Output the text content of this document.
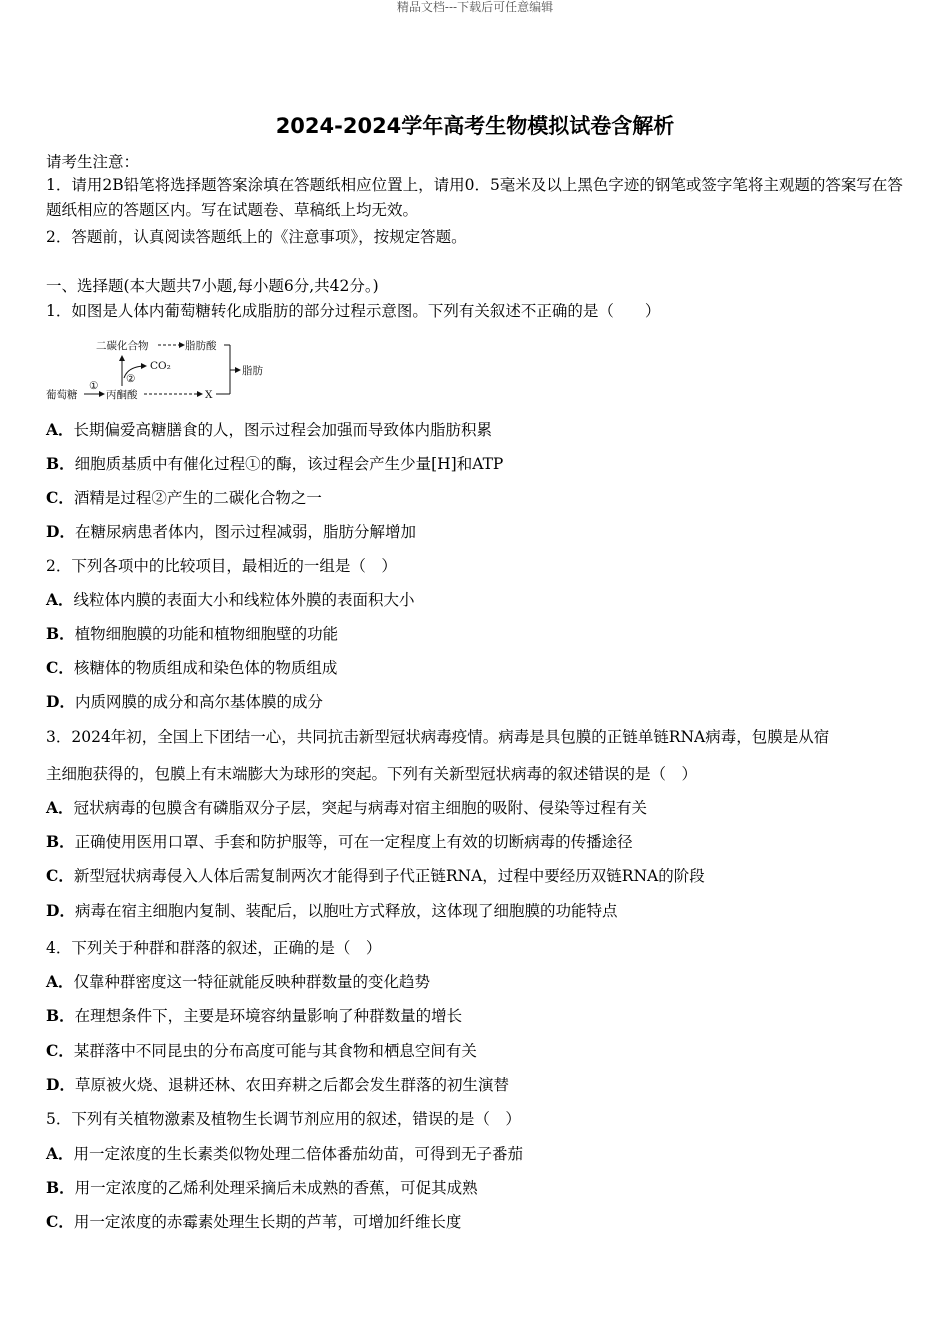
精品文档---下载后可任意编辑
2024-2024学年高考生物模拟试卷含解析
请考生注意：
1．请用2B铅笔将选择题答案涂填在答题纸相应位置上，请用0．5毫米及以上黑色字迹的钢笔或签字笔将主观题的答案写在答题纸相应的答题区内。写在试题卷、草稿纸上均无效。
2．答题前，认真阅读答题纸上的《注意事项》，按规定答题。
一、选择题(本大题共7小题,每小题6分,共42分。)
1．如图是人体内葡萄糖转化成脂肪的部分过程示意图。下列有关叙述不正确的是（　　）
葡萄糖
①
丙酮酸
②
CO₂
二碳化合物	脂肪酸
X
脂肪
A．长期偏爱高糖膳食的人，图示过程会加强而导致体内脂肪积累
B．细胞质基质中有催化过程①的酶，该过程会产生少量[H]和ATP
C．酒精是过程②产生的二碳化合物之一
D．在糖尿病患者体内，图示过程减弱，脂肪分解增加
2．下列各项中的比较项目，最相近的一组是（　）
A．线粒体内膜的表面大小和线粒体外膜的表面积大小
B．植物细胞膜的功能和植物细胞壁的功能
C．核糖体的物质组成和染色体的物质组成
D．内质网膜的成分和高尔基体膜的成分
3．2024年初，全国上下团结一心，共同抗击新型冠状病毒疫情。病毒是具包膜的正链单链RNA病毒，包膜是从宿
主细胞获得的，包膜上有末端膨大为球形的突起。下列有关新型冠状病毒的叙述错误的是（　）
A．冠状病毒的包膜含有磷脂双分子层，突起与病毒对宿主细胞的吸附、侵染等过程有关
B．正确使用医用口罩、手套和防护服等，可在一定程度上有效的切断病毒的传播途径
C．新型冠状病毒侵入人体后需复制两次才能得到子代正链RNA，过程中要经历双链RNA的阶段
D．病毒在宿主细胞内复制、装配后，以胞吐方式释放，这体现了细胞膜的功能特点
4．下列关于种群和群落的叙述，正确的是（　）
A．仅靠种群密度这一特征就能反映种群数量的变化趋势
B．在理想条件下，主要是环境容纳量影响了种群数量的增长
C．某群落中不同昆虫的分布高度可能与其食物和栖息空间有关
D．草原被火烧、退耕还林、农田弃耕之后都会发生群落的初生演替
5．下列有关植物激素及植物生长调节剂应用的叙述，错误的是（　）
A．用一定浓度的生长素类似物处理二倍体番茄幼苗，可得到无子番茄
B．用一定浓度的乙烯利处理采摘后未成熟的香蕉，可促其成熟
C．用一定浓度的赤霉素处理生长期的芦苇，可增加纤维长度
